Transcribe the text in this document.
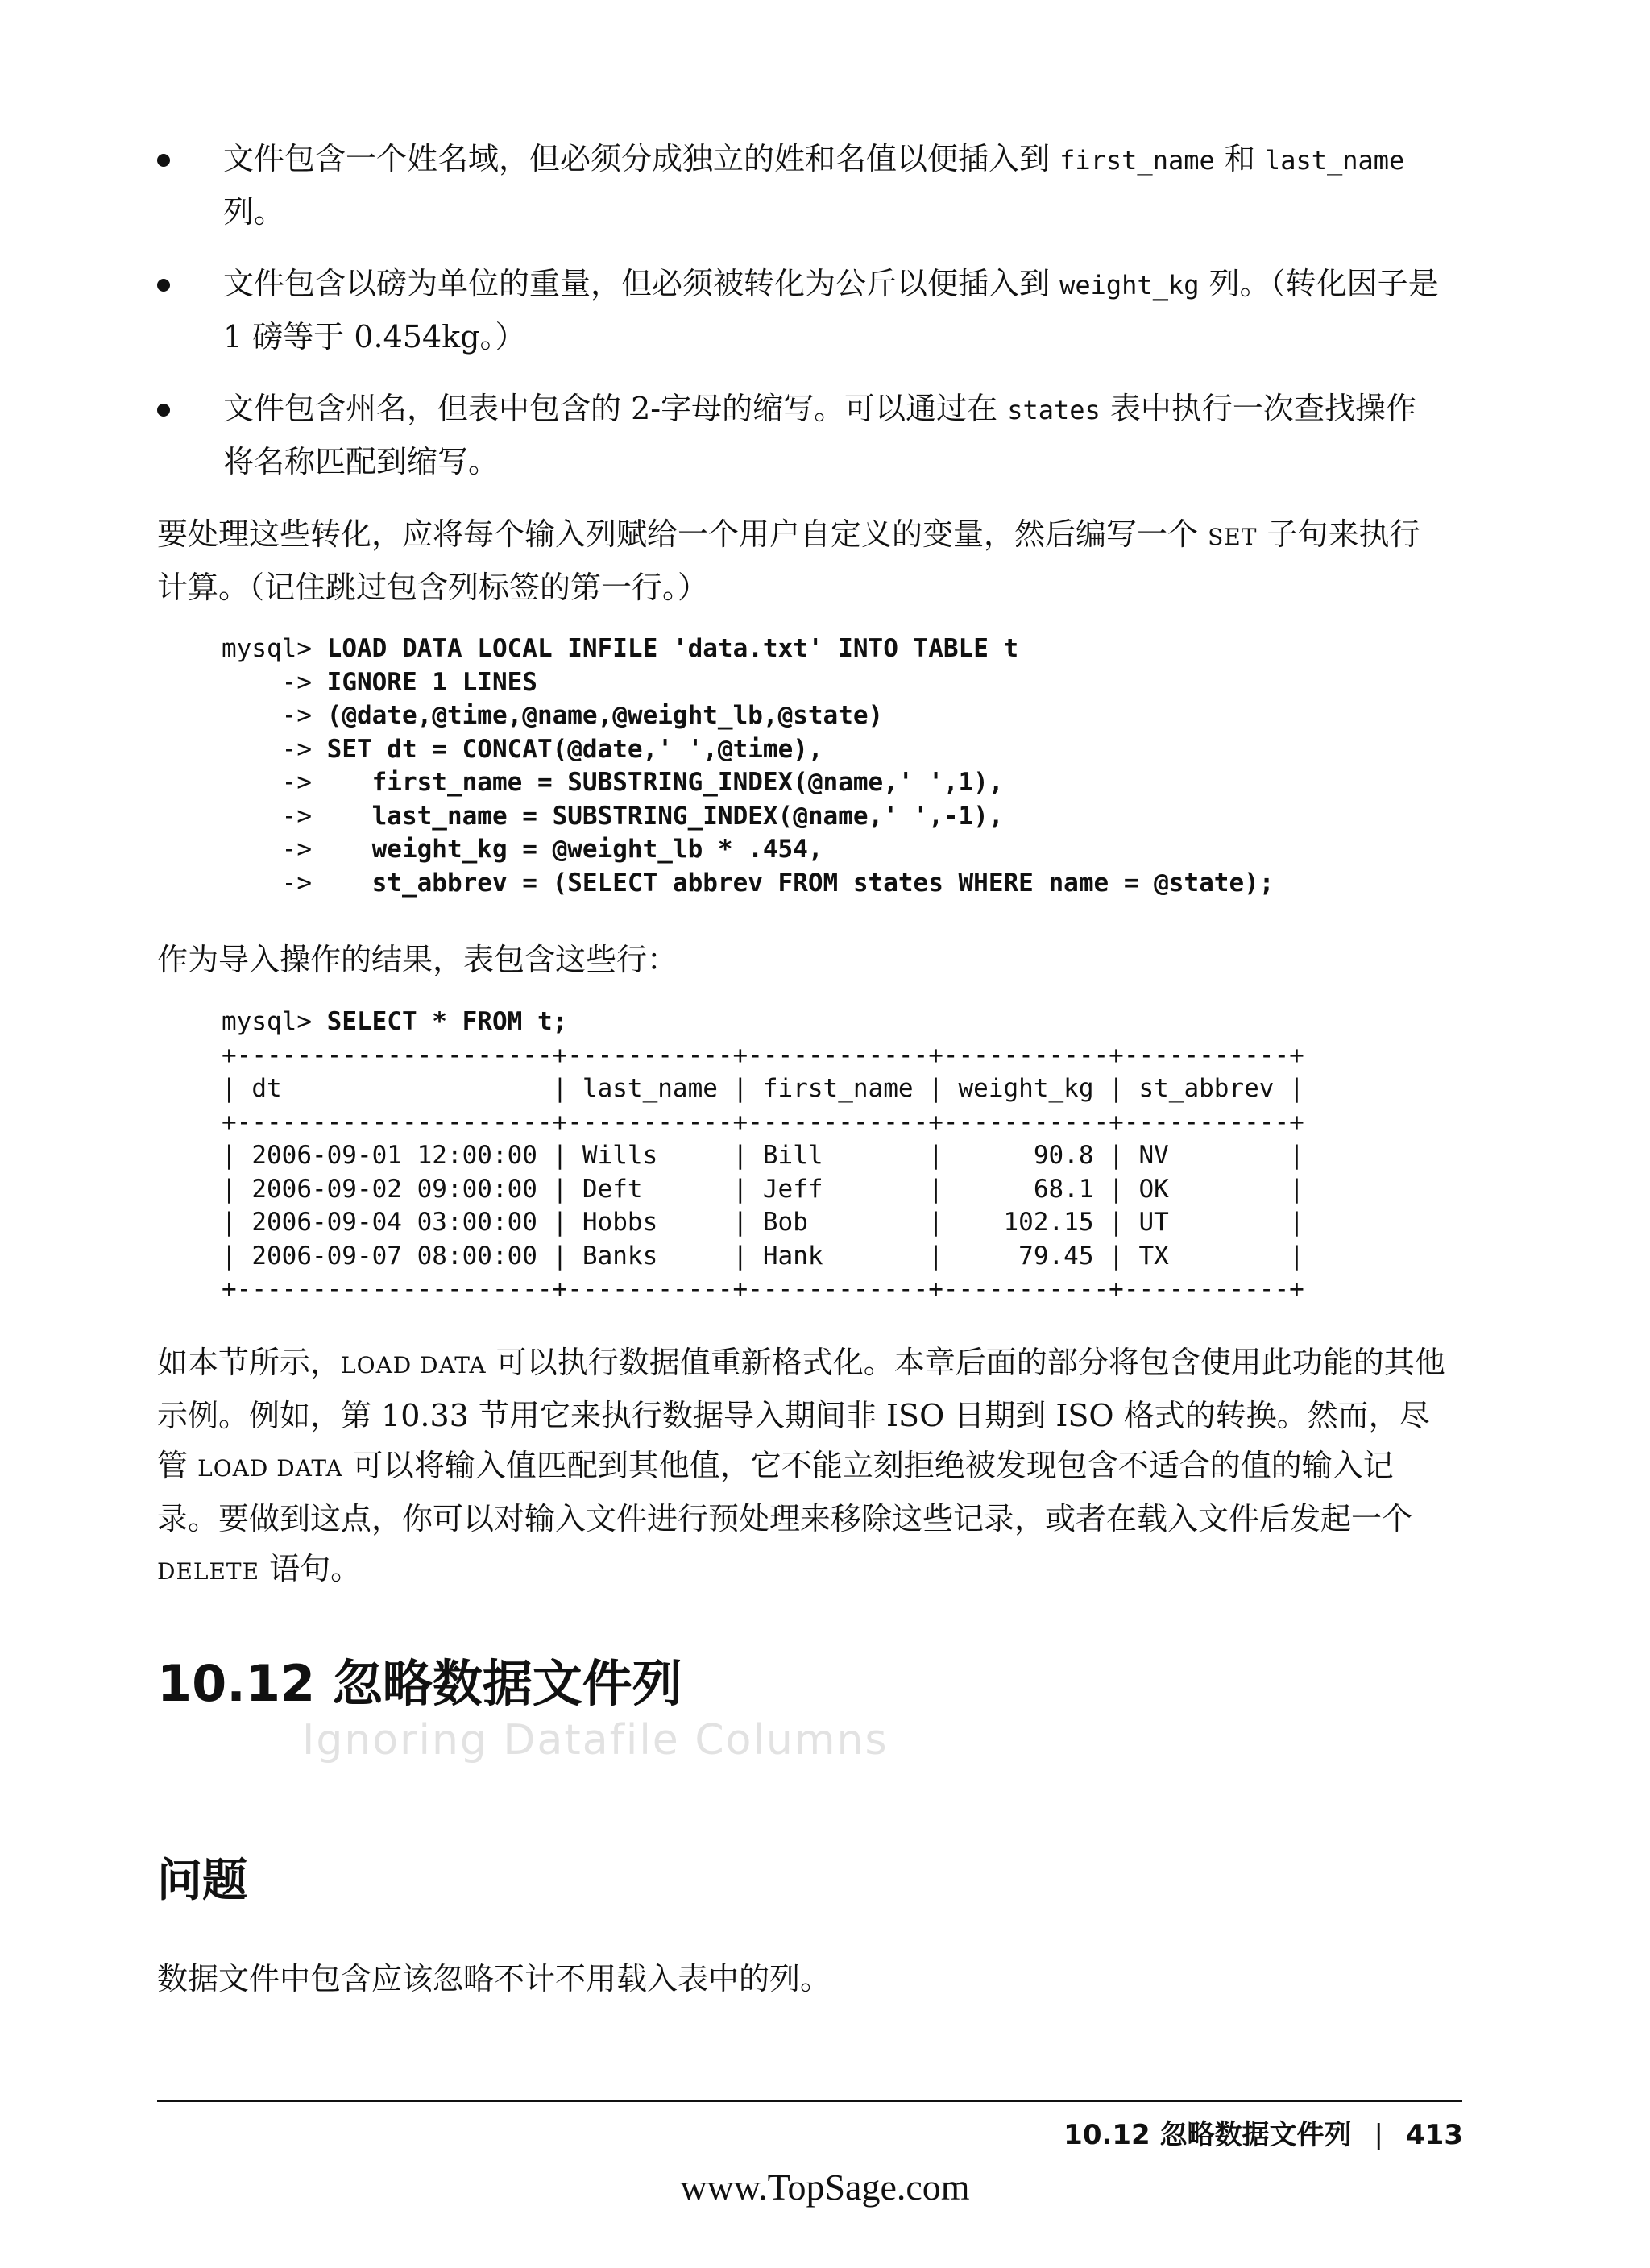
文件包含一个姓名域，但必须分成独立的姓和名值以便插入到 first_name 和 last_name 列。
文件包含以磅为单位的重量，但必须被转化为公斤以便插入到 weight_kg 列。（转化因子是 1 磅等于 0.454kg。）
文件包含州名，但表中包含的 2-字母的缩写。可以通过在 states 表中执行一次查找操作将名称匹配到缩写。
要处理这些转化，应将每个输入列赋给一个用户自定义的变量，然后编写一个 SET 子句来执行计算。（记住跳过包含列标签的第一行。）
mysql> LOAD DATA LOCAL INFILE 'data.txt' INTO TABLE t
-> IGNORE 1 LINES
-> (@date,@time,@name,@weight_lb,@state)
-> SET dt = CONCAT(@date,' ',@time),
->    first_name = SUBSTRING_INDEX(@name,' ',1),
->    last_name = SUBSTRING_INDEX(@name,' ',-1),
->    weight_kg = @weight_lb * .454,
->    st_abbrev = (SELECT abbrev FROM states WHERE name = @state);
作为导入操作的结果，表包含这些行：
mysql> SELECT * FROM t;
+---------------------+-----------+------------+-----------+-----------+
| dt                  | last_name | first_name | weight_kg | st_abbrev |
+---------------------+-----------+------------+-----------+-----------+
| 2006-09-01 12:00:00 | Wills     | Bill       |      90.8 | NV        |
| 2006-09-02 09:00:00 | Deft      | Jeff       |      68.1 | OK        |
| 2006-09-04 03:00:00 | Hobbs     | Bob        |    102.15 | UT        |
| 2006-09-07 08:00:00 | Banks     | Hank       |     79.45 | TX        |
+---------------------+-----------+------------+-----------+-----------+
如本节所示，LOAD DATA 可以执行数据值重新格式化。本章后面的部分将包含使用此功能的其他示例。例如，第 10.33 节用它来执行数据导入期间非 ISO 日期到 ISO 格式的转换。然而，尽管 LOAD DATA 可以将输入值匹配到其他值，它不能立刻拒绝被发现包含不适合的值的输入记录。要做到这点，你可以对输入文件进行预处理来移除这些记录，或者在载入文件后发起一个 DELETE 语句。
10.12 忽略数据文件列
Ignoring Datafile Columns
问题
数据文件中包含应该忽略不计不用载入表中的列。
10.12 忽略数据文件列 | 413
www.TopSage.com
